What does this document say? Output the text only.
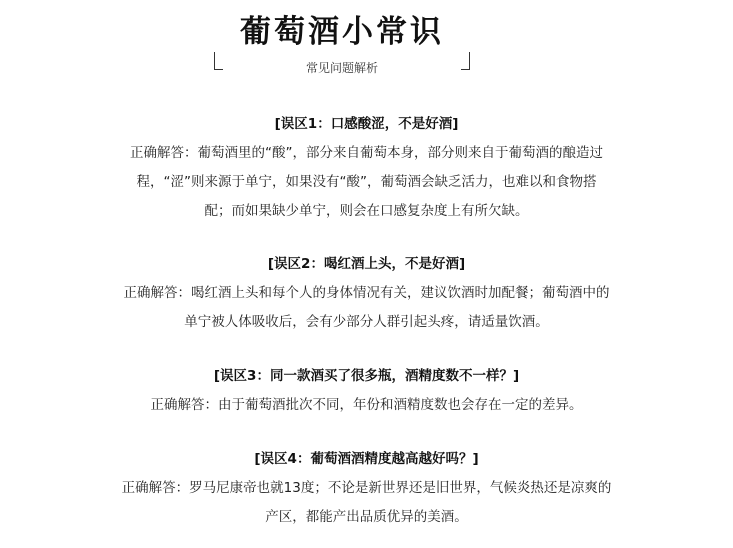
葡萄酒小常识
常见问题解析
[误区1：口感酸涩，不是好酒]
正确解答：葡萄酒里的“酸”，部分来自葡萄本身，部分则来自于葡萄酒的酿造过
程，“涩”则来源于单宁，如果没有“酸”，葡萄酒会缺乏活力，也难以和食物搭
配；而如果缺少单宁，则会在口感复杂度上有所欠缺。
[误区2：喝红酒上头，不是好酒]
正确解答：喝红酒上头和每个人的身体情况有关，建议饮酒时加配餐；葡萄酒中的
单宁被人体吸收后，会有少部分人群引起头疼，请适量饮酒。
[误区3：同一款酒买了很多瓶，酒精度数不一样？]
正确解答：由于葡萄酒批次不同，年份和酒精度数也会存在一定的差异。
[误区4：葡萄酒酒精度越高越好吗？]
正确解答：罗马尼康帝也就13度；不论是新世界还是旧世界，气候炎热还是凉爽的
产区，都能产出品质优异的美酒。
